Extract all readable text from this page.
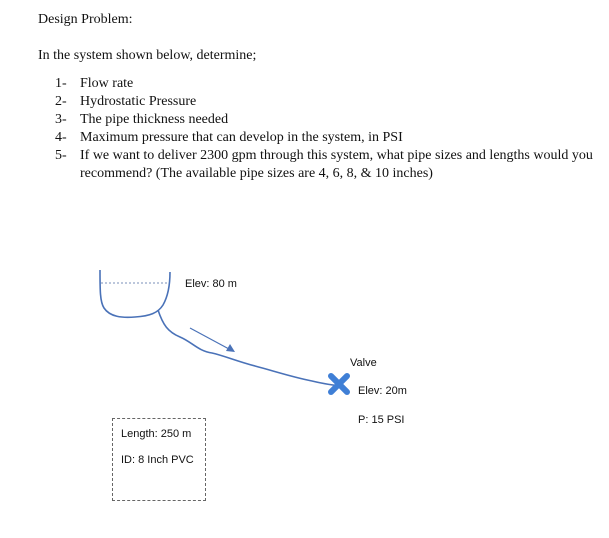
Design Problem:
In the system shown below, determine;
1- Flow rate
2- Hydrostatic Pressure
3- The pipe thickness needed
4- Maximum pressure that can develop in the system, in PSI
5- If we want to deliver 2300 gpm through this system, what pipe sizes and lengths would you recommend? (The available pipe sizes are 4, 6, 8, & 10 inches)
Elev: 80 m
Valve
Elev: 20m
P: 15 PSI
Length: 250 m
ID: 8 Inch PVC
